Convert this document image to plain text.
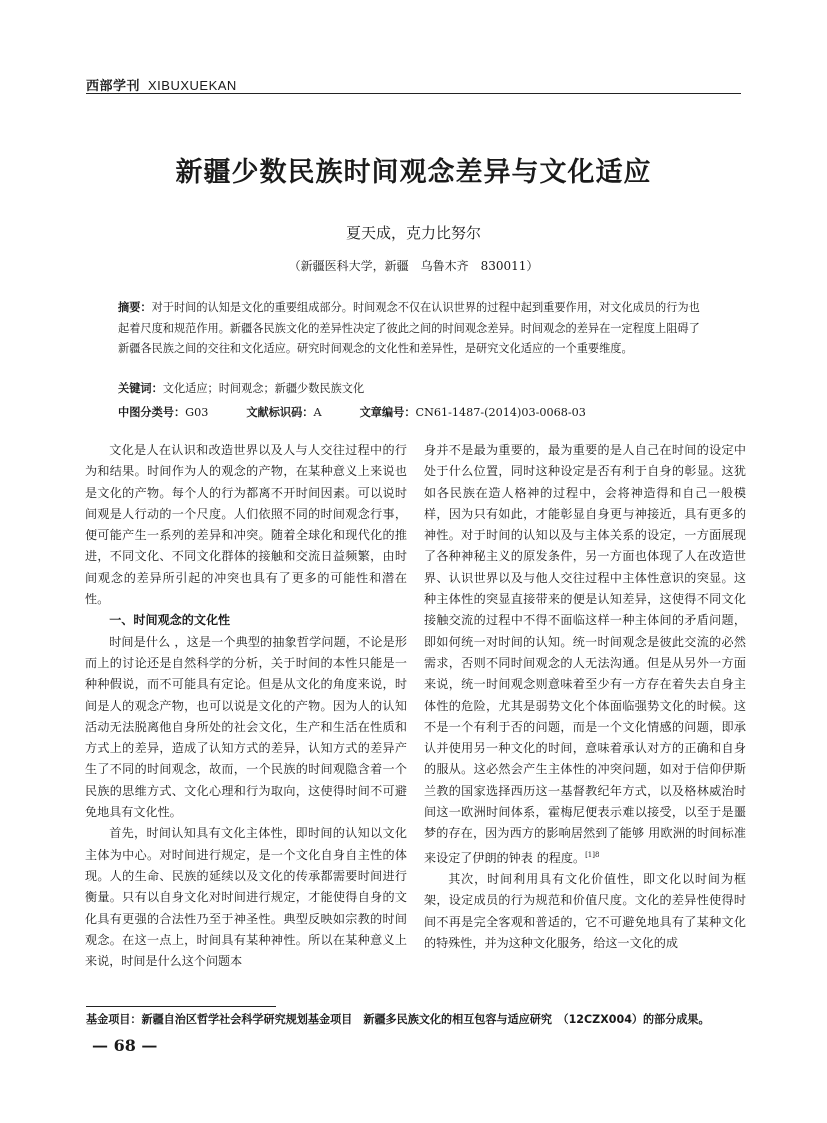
西部学刊 XIBUXUEKAN
新疆少数民族时间观念差异与文化适应
夏天成，克力比努尔
（新疆医科大学，新疆　乌鲁木齐　830011）
摘要：对于时间的认知是文化的重要组成部分。时间观念不仅在认识世界的过程中起到重要作用，对文化成员的行为也起着尺度和规范作用。新疆各民族文化的差异性决定了彼此之间的时间观念差异。时间观念的差异在一定程度上阻碍了新疆各民族之间的交往和文化适应。研究时间观念的文化性和差异性，是研究文化适应的一个重要维度。
关键词：文化适应；时间观念；新疆少数民族文化
中图分类号：G03	文献标识码：A	文章编号：CN61-1487-(2014)03-0068-03

文化是人在认识和改造世界以及人与人交往过程中的行为和结果。时间作为人的观念的产物，在某种意义上来说也是文化的产物。每个人的行为都离不开时间因素。可以说时间观是人行动的一个尺度。人们依照不同的时间观念行事，便可能产生一系列的差异和冲突。随着全球化和现代化的推进，不同文化、不同文化群体的接触和交流日益频繁，由时间观念的差异所引起的冲突也具有了更多的可能性和潜在性。

一、时间观念的文化性

时间是什么 ，这是一个典型的抽象哲学问题，不论是形而上的讨论还是自然科学的分析，关于时间的本性只能是一种种假说，而不可能具有定论。但是从文化的角度来说，时间是人的观念产物，也可以说是文化的产物。因为人的认知活动无法脱离他自身所处的社会文化，生产和生活在性质和方式上的差异，造成了认知方式的差异，认知方式的差异产生了不同的时间观念，故而，一个民族的时间观隐含着一个民族的思维方式、文化心理和行为取向，这使得时间不可避免地具有文化性。

首先，时间认知具有文化主体性，即时间的认知以文化主体为中心。对时间进行规定，是一个文化自身自主性的体现。人的生命、民族的延续以及文化的传承都需要时间进行衡量。只有以自身文化对时间进行规定，才能使得自身的文化具有更强的合法性乃至于神圣性。典型反映如宗教的时间观念。在这一点上，时间具有某种神性。所以在某种意义上来说，时间是什么这个问题本

身并不是最为重要的，最为重要的是人自己在时间的设定中处于什么位置，同时这种设定是否有利于自身的彰显。这犹如各民族在造人格神的过程中，会将神造得和自己一般模样，因为只有如此，才能彰显自身更与神接近，具有更多的神性。对于时间的认知以及与主体关系的设定，一方面展现了各种神秘主义的原发条件，另一方面也体现了人在改造世界、认识世界以及与他人交往过程中主体性意识的突显。这种主体性的突显直接带来的便是认知差异，这使得不同文化接触交流的过程中不得不面临这样一种主体间的矛盾问题，即如何统一对时间的认知。统一时间观念是彼此交流的必然需求，否则不同时间观念的人无法沟通。但是从另外一方面来说，统一时间观念则意味着至少有一方存在着失去自身主体性的危险，尤其是弱势文化个体面临强势文化的时候。这不是一个有利于否的问题，而是一个文化情感的问题，即承认并使用另一种文化的时间，意味着承认对方的正确和自身的服从。这必然会产生主体性的冲突问题，如对于信仰伊斯兰教的国家选择西历这一基督教纪年方式，以及格林威治时间这一欧洲时间体系，霍梅尼便表示难以接受，以至于是噩梦的存在，因为西方的影响居然到了能够 用欧洲的时间标准来设定了伊朗的钟表 的程度。$^{[1]8}$

其次，时间利用具有文化价值性，即文化以时间为框架，设定成员的行为规范和价值尺度。文化的差异性使得时间不再是完全客观和普适的，它不可避免地具有了某种文化的特殊性，并为这种文化服务，给这一文化的成

基金项目：新疆自治区哲学社会科学研究规划基金项目　新疆多民族文化的相互包容与适应研究　（12CZX004）的部分成果。
— 68 —
